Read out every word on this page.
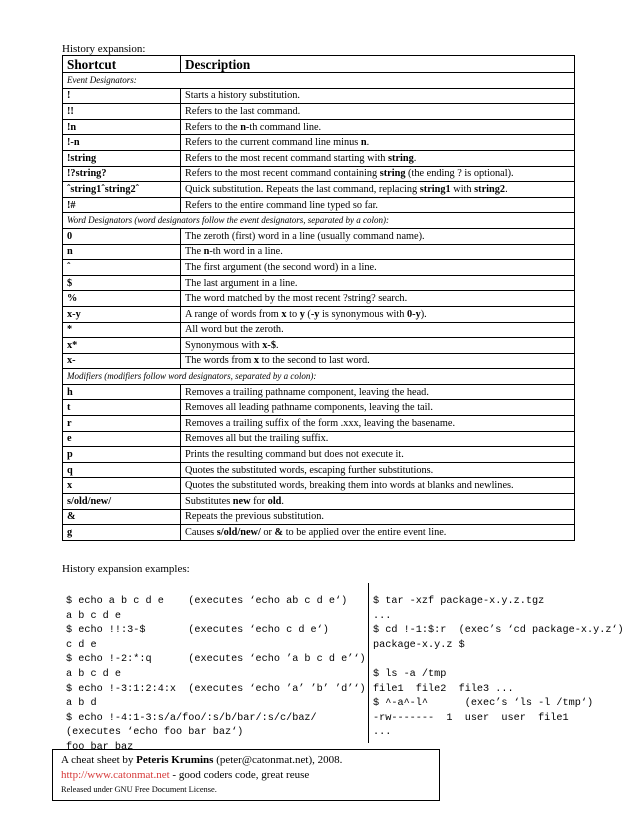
History expansion:
Shortcut	Description
Event Designators:	
!	Starts a history substitution.
!!	Refers to the last command.
!n	Refers to the n-th command line.
!-n	Refers to the current command line minus n.
!string	Refers to the most recent command starting with string.
!?string?	Refers to the most recent command containing string (the ending ? is optional).
ˆstring1ˆstring2ˆ	Quick substitution. Repeats the last command, replacing string1 with string2.
!#	Refers to the entire command line typed so far.
Word Designators (word designators follow the event designators, separated by a colon):	
0	The zeroth (first) word in a line (usually command name).
n	The n-th word in a line.
ˆ	The first argument (the second word) in a line.
$	The last argument in a line.
%	The word matched by the most recent ?string? search.
x-y	A range of words from x to y (-y is synonymous with 0-y).
*	All word but the zeroth.
x*	Synonymous with x-$.
x-	The words from x to the second to last word.
Modifiers (modifiers follow word designators, separated by a colon):	
h	Removes a trailing pathname component, leaving the head.
t	Removes all leading pathname components, leaving the tail.
r	Removes a trailing suffix of the form .xxx, leaving the basename.
e	Removes all but the trailing suffix.
p	Prints the resulting command but does not execute it.
q	Quotes the substituted words, escaping further substitutions.
x	Quotes the substituted words, breaking them into words at blanks and newlines.
s/old/new/	Substitutes new for old.
&	Repeats the previous substitution.
g	Causes s/old/new/ or & to be applied over the entire event line.
History expansion examples:
$ echo a b c d e    (executes ‘echo ab c d e‘)
a b c d e
$ echo !!:3-$       (executes ‘echo c d e‘)
c d e
$ echo !-2:*:q      (executes ‘echo ’a b c d e’‘)
a b c d e
$ echo !-3:1:2:4:x  (executes ‘echo ’a’ ’b’ ’d’‘)
a b d
$ echo !-4:1-3:s/a/foo/:s/b/bar/:s/c/baz/
(executes ‘echo foo bar baz‘)
foo bar baz
$ tar -xzf package-x.y.z.tgz
...
$ cd !-1:$:r  (exec’s ‘cd package-x.y.z‘)
package-x.y.z $
$ ls -a /tmp
file1  file2  file3 ...
$ ^-a^-l^      (exec’s ‘ls -l /tmp‘)
-rw-------  1  user  user  file1
...
A cheat sheet by Peteris Krumins (peter@catonmat.net), 2008.
http://www.catonmat.net - good coders code, great reuse
Released under GNU Free Document License.
